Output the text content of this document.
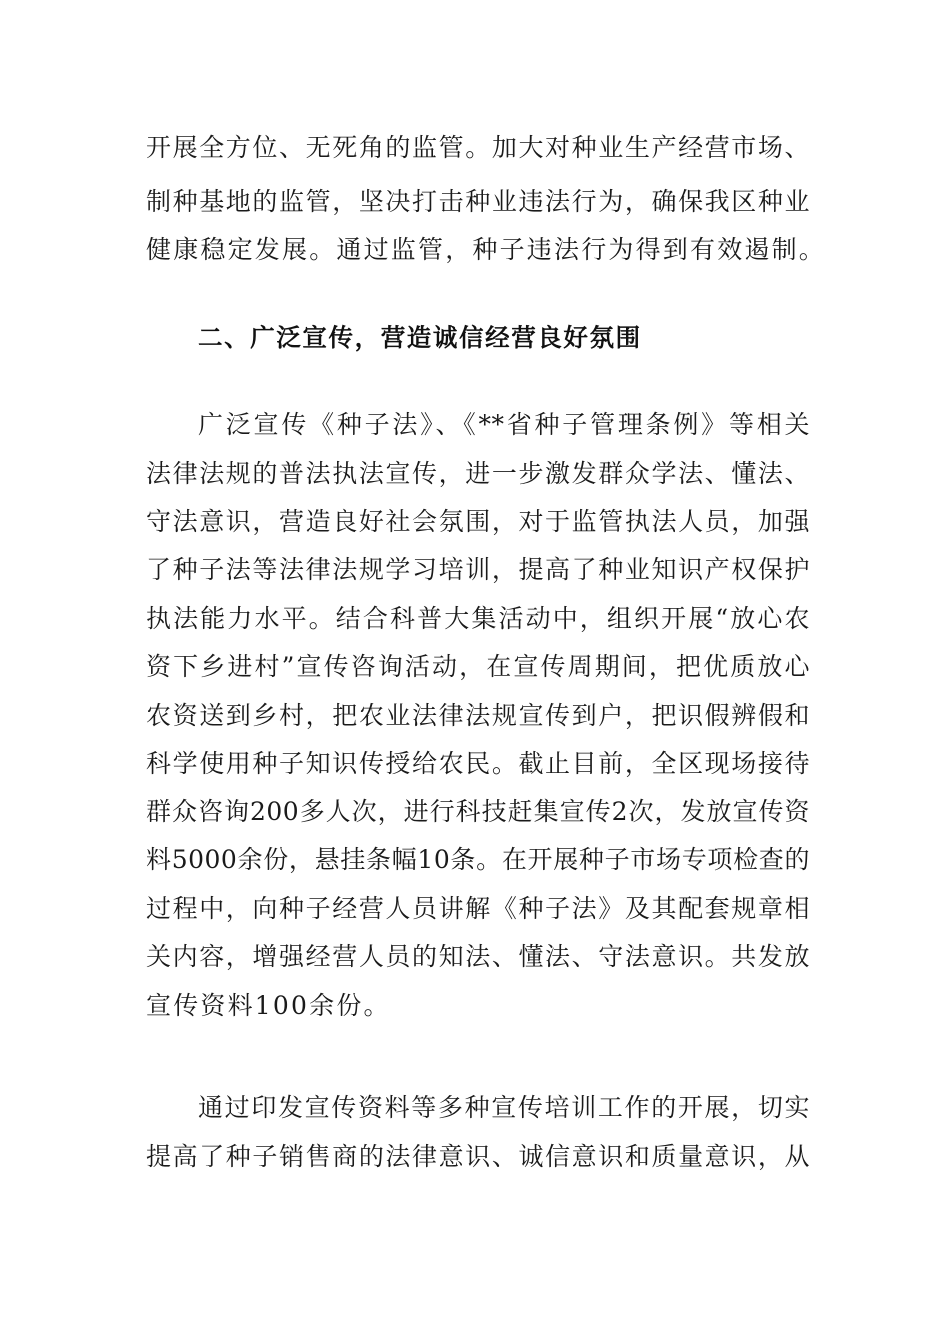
开展全方位、无死角的监管。加大对种业生产经营市场、
制种基地的监管，坚决打击种业违法行为，确保我区种业
健康稳定发展。通过监管，种子违法行为得到有效遏制。
二、广泛宣传，营造诚信经营良好氛围
广泛宣传《种子法》、《**省种子管理条例》等相关
法律法规的普法执法宣传，进一步激发群众学法、懂法、
守法意识，营造良好社会氛围，对于监管执法人员，加强
了种子法等法律法规学习培训，提高了种业知识产权保护
执法能力水平。结合科普大集活动中，组织开展“放心农
资下乡进村”宣传咨询活动，在宣传周期间，把优质放心
农资送到乡村，把农业法律法规宣传到户，把识假辨假和
科学使用种子知识传授给农民。截止目前，全区现场接待
群众咨询200多人次，进行科技赶集宣传2次，发放宣传资
料5000余份，悬挂条幅10条。在开展种子市场专项检查的
过程中，向种子经营人员讲解《种子法》及其配套规章相
关内容，增强经营人员的知法、懂法、守法意识。共发放
宣传资料100余份。
通过印发宣传资料等多种宣传培训工作的开展，切实
提高了种子销售商的法律意识、诚信意识和质量意识，从
